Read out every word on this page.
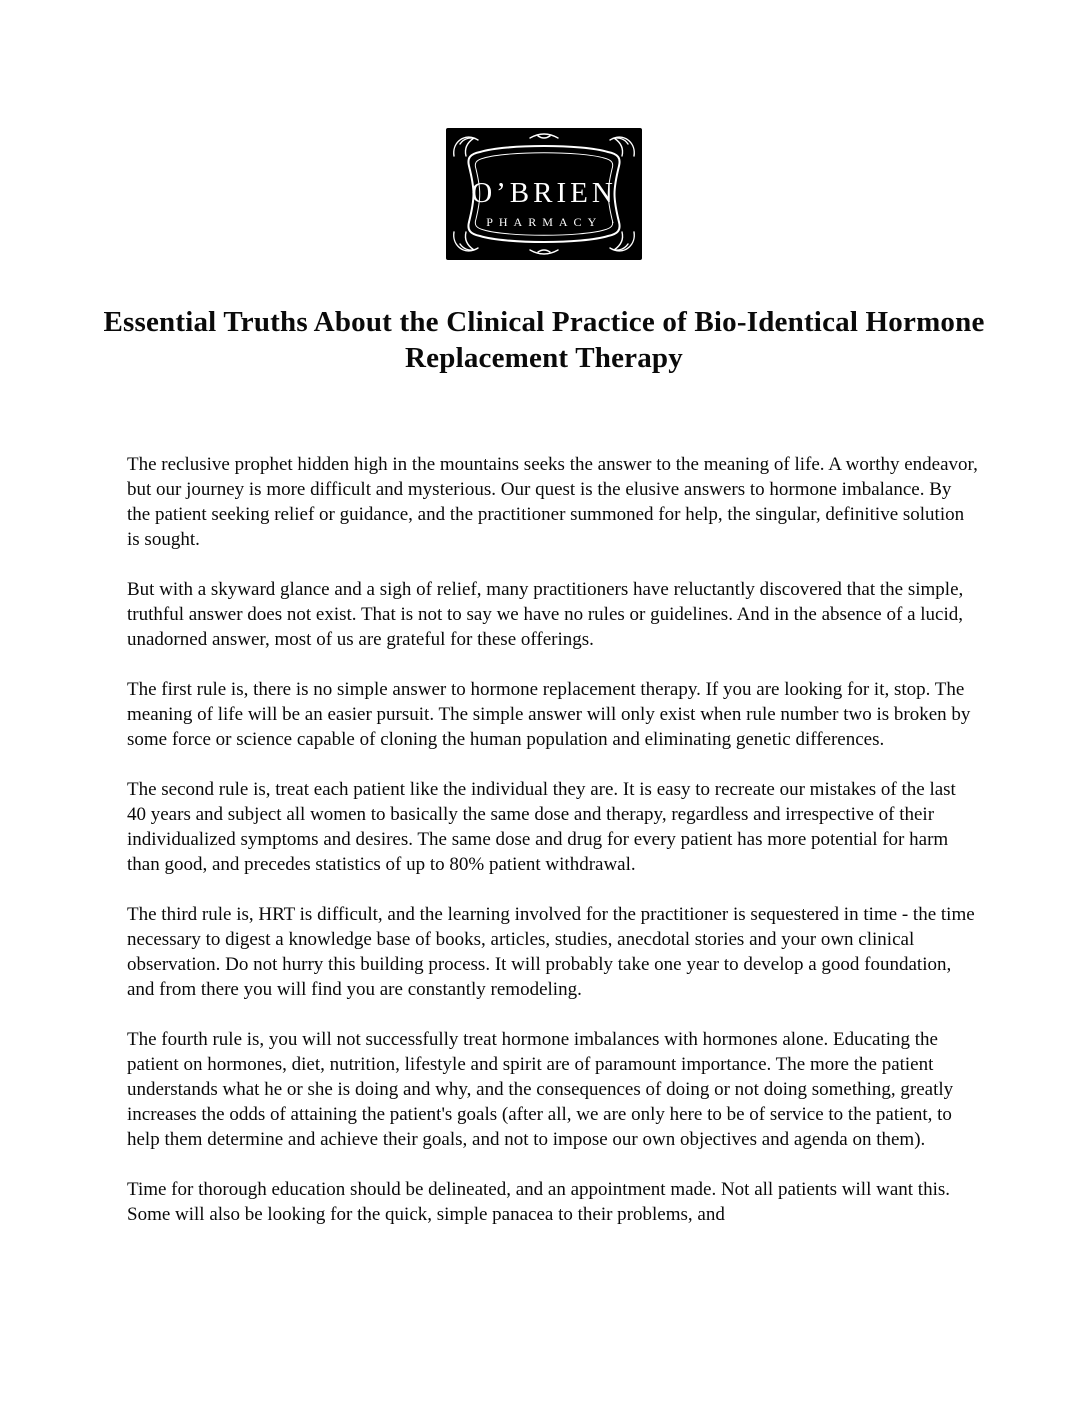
O’BRIEN
· PHARMACY ·
Essential Truths About the Clinical Practice of Bio-Identical Hormone Replacement Therapy

The reclusive prophet hidden high in the mountains seeks the answer to the meaning of life. A worthy endeavor, but our journey is more difficult and mysterious. Our quest is the elusive answers to hormone imbalance. By the patient seeking relief or guidance, and the practitioner summoned for help, the singular, definitive solution is sought.

But with a skyward glance and a sigh of relief, many practitioners have reluctantly discovered that the simple, truthful answer does not exist. That is not to say we have no rules or guidelines. And in the absence of a lucid, unadorned answer, most of us are grateful for these offerings.

The first rule is, there is no simple answer to hormone replacement therapy. If you are looking for it, stop. The meaning of life will be an easier pursuit. The simple answer will only exist when rule number two is broken by some force or science capable of cloning the human population and eliminating genetic differences.

The second rule is, treat each patient like the individual they are. It is easy to recreate our mistakes of the last 40 years and subject all women to basically the same dose and therapy, regardless and irrespective of their individualized symptoms and desires. The same dose and drug for every patient has more potential for harm than good, and precedes statistics of up to 80% patient withdrawal.

The third rule is, HRT is difficult, and the learning involved for the practitioner is sequestered in time - the time necessary to digest a knowledge base of books, articles, studies, anecdotal stories and your own clinical observation. Do not hurry this building process. It will probably take one year to develop a good foundation, and from there you will find you are constantly remodeling.

The fourth rule is, you will not successfully treat hormone imbalances with hormones alone. Educating the patient on hormones, diet, nutrition, lifestyle and spirit are of paramount importance. The more the patient understands what he or she is doing and why, and the consequences of doing or not doing something, greatly increases the odds of attaining the patient's goals (after all, we are only here to be of service to the patient, to help them determine and achieve their goals, and not to impose our own objectives and agenda on them).

Time for thorough education should be delineated, and an appointment made. Not all patients will want this. Some will also be looking for the quick, simple panacea to their problems, and
